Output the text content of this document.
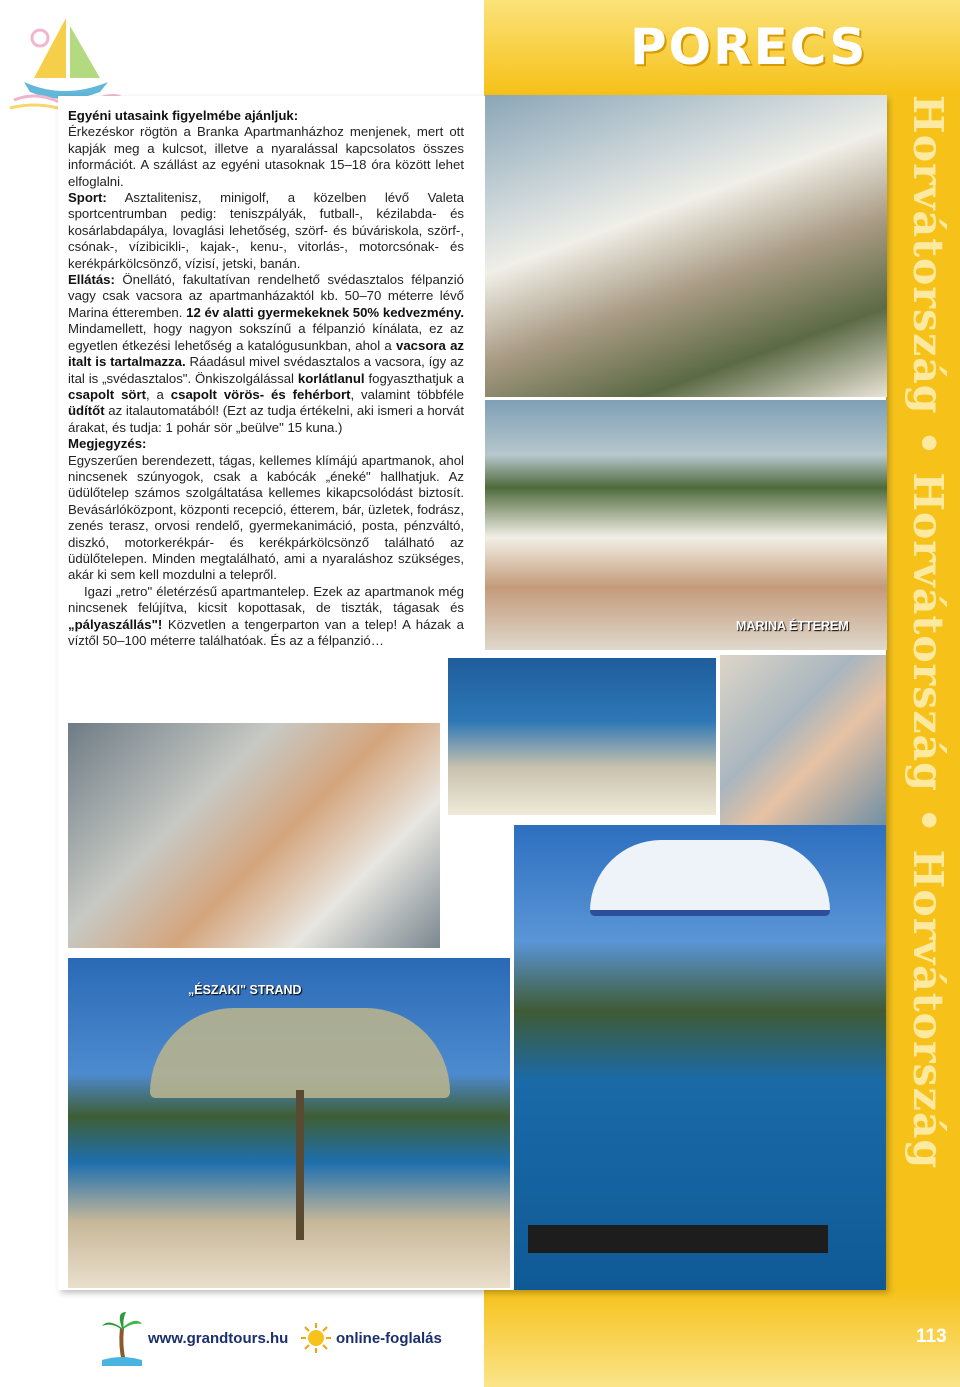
PORECS
Horvátország • Horvátország • Horvátország

Egyéni utasaink figyelmébe ajánljuk:

Érkezéskor rögtön a Branka Apartmanházhoz menjenek, mert ott kapják meg a kulcsot, illetve a nyaralással kapcsolatos összes információt. A szállást az egyéni utasoknak 15–18 óra között lehet elfoglalni.

Sport: Asztalitenisz, minigolf, a közelben lévő Valeta sportcentrumban pedig: teniszpályák, futball-, kézilabda- és kosárlabdapálya, lovaglási lehetőség, szörf- és búváriskola, szörf-, csónak-, vízibicikli-, kajak-, kenu-, vitorlás-, motorcsónak- és kerékpárkölcsönző, vízisí, jetski, banán.

Ellátás: Önellátó, fakultatívan rendelhető svédasztalos félpanzió vagy csak vacsora az apartmanházaktól kb. 50–70 méterre lévő Marina étteremben. 12 év alatti gyermekeknek 50% kedvezmény. Mindamellett, hogy nagyon sokszínű a félpanzió kínálata, ez az egyetlen étkezési lehetőség a katalógusunkban, ahol a vacsora az italt is tartalmazza. Ráadásul mivel svédasztalos a vacsora, így az ital is „svédasztalos". Önkiszolgálással korlátlanul fogyaszthatjuk a csapolt sört, a csapolt vörös- és fehérbort, valamint többféle üdítőt az italautomatából! (Ezt az tudja értékelni, aki ismeri a horvát árakat, és tudja: 1 pohár sör „beülve" 15 kuna.)

Megjegyzés:

Egyszerűen berendezett, tágas, kellemes klímájú apartmanok, ahol nincsenek szúnyogok, csak a kabócák „éneké" hallhatjuk. Az üdülőtelep számos szolgáltatása kellemes kikapcsolódást biztosít. Bevásárlóközpont, központi recepció, étterem, bár, üzletek, fodrász, zenés terasz, orvosi rendelő, gyermekanimáció, posta, pénzváltó, diszkó, motorkerékpár- és kerékpárkölcsönző található az üdülőtelepen. Minden megtalálható, ami a nyaraláshoz szükséges, akár ki sem kell mozdulni a telepről.

Igazi „retro" életérzésű apartmantelep. Ezek az apartmanok még nincsenek felújítva, kicsit kopottasak, de tiszták, tágasak és „pályaszállás"! Közvetlen a tengerparton van a telep! A házak a víztől 50–100 méterre találhatóak. És az a félpanzió…

MARINA ÉTTEREM
„ÉSZAKI" STRAND
www.grandtours.hu	online-foglalás	113
